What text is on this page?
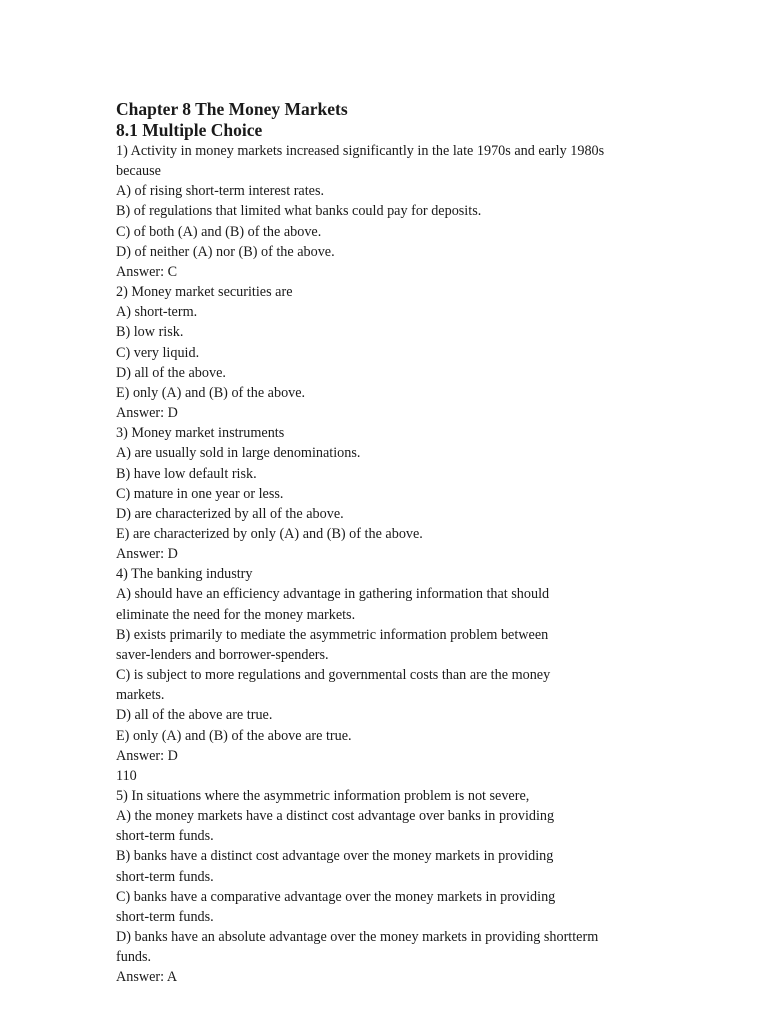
Chapter 8 The Money Markets
8.1 Multiple Choice

1) Activity in money markets increased significantly in the late 1970s and early 1980s

because

A) of rising short-term interest rates.

B) of regulations that limited what banks could pay for deposits.

C) of both (A) and (B) of the above.

D) of neither (A) nor (B) of the above.

Answer: C

2) Money market securities are

A) short-term.

B) low risk.

C) very liquid.

D) all of the above.

E) only (A) and (B) of the above.

Answer: D

3) Money market instruments

A) are usually sold in large denominations.

B) have low default risk.

C) mature in one year or less.

D) are characterized by all of the above.

E) are characterized by only (A) and (B) of the above.

Answer: D

4) The banking industry

A) should have an efficiency advantage in gathering information that should

eliminate the need for the money markets.

B) exists primarily to mediate the asymmetric information problem between

saver-lenders and borrower-spenders.

C) is subject to more regulations and governmental costs than are the money

markets.

D) all of the above are true.

E) only (A) and (B) of the above are true.

Answer: D

110

5) In situations where the asymmetric information problem is not severe,

A) the money markets have a distinct cost advantage over banks in providing

short-term funds.

B) banks have a distinct cost advantage over the money markets in providing

short-term funds.

C) banks have a comparative advantage over the money markets in providing

short-term funds.

D) banks have an absolute advantage over the money markets in providing shortterm

funds.

Answer: A
